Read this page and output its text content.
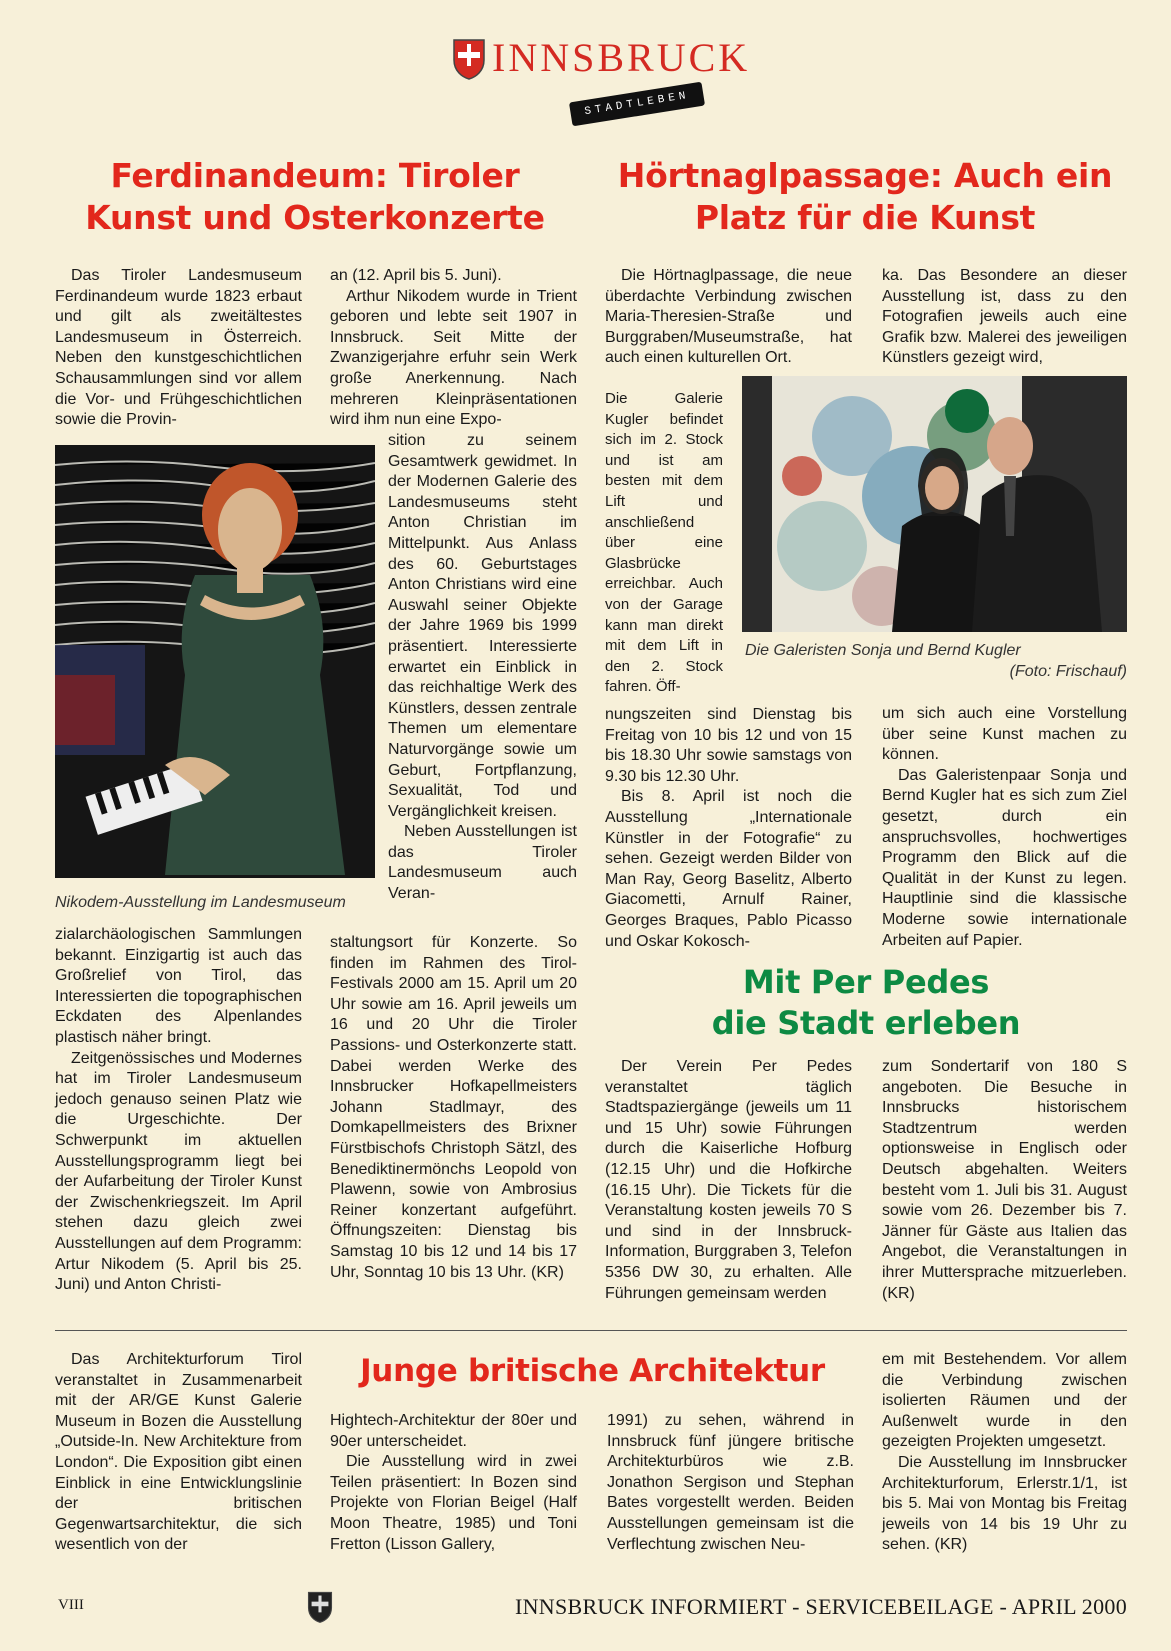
INNSBRUCK
STADTLEBEN
Ferdinandeum: Tiroler
Kunst und Osterkonzerte
Hörtnaglpassage: Auch ein
Platz für die Kunst

Das Tiroler Landesmuseum Ferdinandeum wurde 1823 erbaut und gilt als zweitältestes Landesmuseum in Österreich. Neben den kunstgeschichtlichen Schausammlungen sind vor allem die Vor- und Frühgeschichtlichen sowie die Provin-

Nikodem-Ausstellung im Landesmuseum

zialarchäologischen Sammlungen bekannt. Einzigartig ist auch das Großrelief von Tirol, das Interessierten die topographischen Eckdaten des Alpenlandes plastisch näher bringt.

Zeitgenössisches und Modernes hat im Tiroler Landesmuseum jedoch genauso seinen Platz wie die Urgeschichte. Der Schwerpunkt im aktuellen Ausstellungsprogramm liegt bei der Aufarbeitung der Tiroler Kunst der Zwischenkriegszeit. Im April stehen dazu gleich zwei Ausstellungen auf dem Programm: Artur Nikodem (5. April bis 25. Juni) und Anton Christi-

an (12. April bis 5. Juni).

Arthur Nikodem wurde in Trient geboren und lebte seit 1907 in Innsbruck. Seit Mitte der Zwanzigerjahre erfuhr sein Werk große Anerkennung. Nach mehreren Kleinpräsentationen wird ihm nun eine Expo-

sition zu seinem Gesamtwerk gewidmet. In der Modernen Galerie des Landesmuseums steht Anton Christian im Mittelpunkt. Aus Anlass des 60. Geburtstages Anton Christians wird eine Auswahl seiner Objekte der Jahre 1969 bis 1999 präsentiert. Interessierte erwartet ein Einblick in das reichhaltige Werk des Künstlers, dessen zentrale Themen um elementare Naturvorgänge sowie um Geburt, Fortpflanzung, Sexualität, Tod und Vergänglichkeit kreisen.

Neben Ausstellungen ist das Tiroler Landesmuseum auch Veran-

staltungsort für Konzerte. So finden im Rahmen des Tirol-Festivals 2000 am 15. April um 20 Uhr sowie am 16. April jeweils um 16 und 20 Uhr die Tiroler Passions- und Osterkonzerte statt. Dabei werden Werke des Innsbrucker Hofkapellmeisters Johann Stadlmayr, des Domkapellmeisters des Brixner Fürstbischofs Christoph Sätzl, des Benediktinermönchs Leopold von Plawenn, sowie von Ambrosius Reiner konzertant aufgeführt. Öffnungszeiten: Dienstag bis Samstag 10 bis 12 und 14 bis 17 Uhr, Sonntag 10 bis 13 Uhr. (KR)

Die Hörtnaglpassage, die neue überdachte Verbindung zwischen Maria-Theresien-Straße und Burggraben/Museumstraße, hat auch einen kulturellen Ort.

Die Galerie Kugler befindet sich im 2. Stock und ist am besten mit dem Lift und anschließend über eine Glasbrücke erreichbar. Auch von der Garage kann man direkt mit dem Lift in den 2. Stock fahren. Öff-

nungszeiten sind Dienstag bis Freitag von 10 bis 12 und von 15 bis 18.30 Uhr sowie samstags von 9.30 bis 12.30 Uhr.

Bis 8. April ist noch die Ausstellung „Internationale Künstler in der Fotografie“ zu sehen. Gezeigt werden Bilder von Man Ray, Georg Baselitz, Alberto Giacometti, Arnulf Rainer, Georges Braques, Pablo Picasso und Oskar Kokosch-

ka. Das Besondere an dieser Ausstellung ist, dass zu den Fotografien jeweils auch eine Grafik bzw. Malerei des jeweiligen Künstlers gezeigt wird,

Die Galeristen Sonja und Bernd Kugler
(Foto: Frischauf)

um sich auch eine Vorstellung über seine Kunst machen zu können.

Das Galeristenpaar Sonja und Bernd Kugler hat es sich zum Ziel gesetzt, durch ein anspruchsvolles, hochwertiges Programm den Blick auf die Qualität in der Kunst zu legen. Hauptlinie sind die klassische Moderne sowie internationale Arbeiten auf Papier.

Mit Per Pedes
die Stadt erleben

Der Verein Per Pedes veranstaltet täglich Stadtspaziergänge (jeweils um 11 und 15 Uhr) sowie Führungen durch die Kaiserliche Hofburg (12.15 Uhr) und die Hofkirche (16.15 Uhr). Die Tickets für die Veranstaltung kosten jeweils 70 S und sind in der Innsbruck-Information, Burggraben 3, Telefon 5356 DW 30, zu erhalten. Alle Führungen gemeinsam werden

zum Sondertarif von 180 S angeboten. Die Besuche in Innsbrucks historischem Stadtzentrum werden optionsweise in Englisch oder Deutsch abgehalten. Weiters besteht vom 1. Juli bis 31. August sowie vom 26. Dezember bis 7. Jänner für Gäste aus Italien das Angebot, die Veranstaltungen in ihrer Muttersprache mitzuerleben. (KR)

Das Architekturforum Tirol veranstaltet in Zusammenarbeit mit der AR/GE Kunst Galerie Museum in Bozen die Ausstellung „Outside-In. New Architekture from London“. Die Exposition gibt einen Einblick in eine Entwicklungslinie der britischen Gegenwartsarchitektur, die sich wesentlich von der

Junge britische Architektur

Hightech-Architektur der 80er und 90er unterscheidet.

Die Ausstellung wird in zwei Teilen präsentiert: In Bozen sind Projekte von Florian Beigel (Half Moon Theatre, 1985) und Toni Fretton (Lisson Gallery,

1991) zu sehen, während in Innsbruck fünf jüngere britische Architekturbüros wie z.B. Jonathon Sergison und Stephan Bates vorgestellt werden. Beiden Ausstellungen gemeinsam ist die Verflechtung zwischen Neu-

em mit Bestehendem. Vor allem die Verbindung zwischen isolierten Räumen und der Außenwelt wurde in den gezeigten Projekten umgesetzt.

Die Ausstellung im Innsbrucker Architekturforum, Erlerstr.1/1, ist bis 5. Mai von Montag bis Freitag jeweils von 14 bis 19 Uhr zu sehen. (KR)

VIII	INNSBRUCK INFORMIERT - SERVICEBEILAGE - APRIL 2000
